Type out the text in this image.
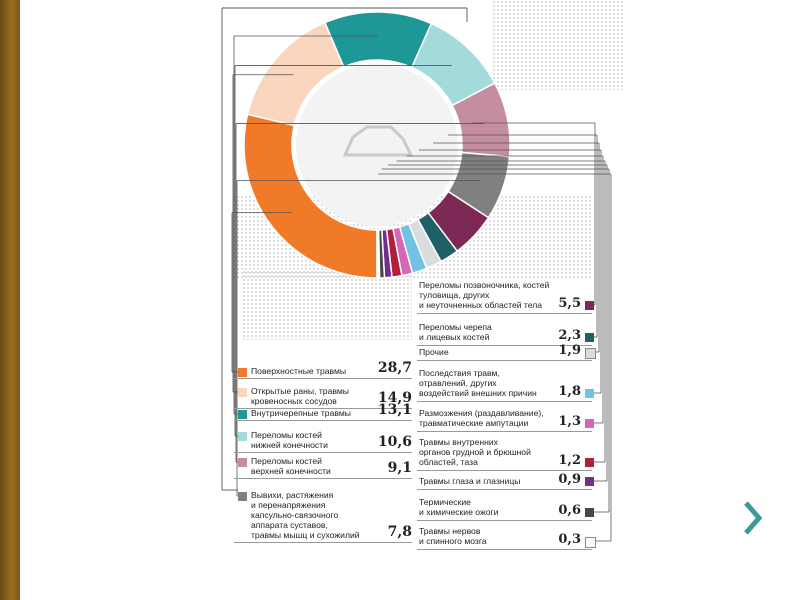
Поверхностные травмы	28,7
Открытые раны, травмы
кровеносных сосудов	14,9
Внутричерепные травмы	13,1
Переломы костей
нижней конечности	10,6
Переломы костей
верхней конечности	9,1
Вывихи, растяжения
и перенапряжения
капсульно-связочного
аппарата суставов,
травмы мышц и сухожилий	7,8
Переломы позвоночника, костей
туловища, других
и неуточненных областей тела	5,5
Переломы черепа
и лицевых костей	2,3
Прочие	1,9
Последствия травм,
отравлений, других
воздействий внешних причин	1,8
Размозжения (раздавливание),
травматические ампутации	1,3
Травмы внутренних
органов грудной и брюшной
областей, таза	1,2
Травмы глаза и глазницы	0,9
Термические
и химические ожоги	0,6
Травмы нервов
и спинного мозга	0,3
